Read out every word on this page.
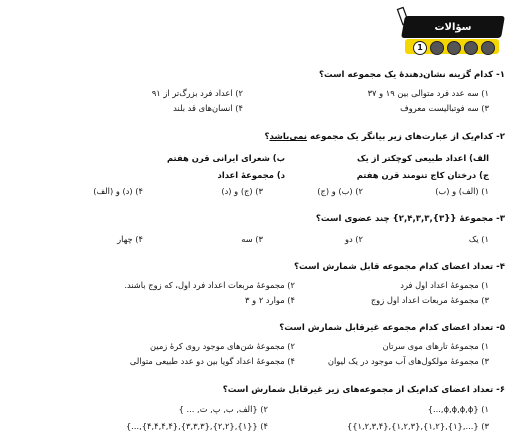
سؤالات
1
۱- کدام گزینه نشان‌دهندهٔ یک مجموعه است؟
۱) سه عدد فرد متوالی بین ۱۹ و ۳۷
۲) اعداد فرد بزرگ‌تر از ۹۱
۳) سه فوتبالیست معروف
۴) انسان‌های قد بلند
۲- کدام‌یک از عبارت‌های زیر بیانگر یک مجموعه نمی‌باشد؟
الف) اعداد طبیعی کوچکتر از یک
ب) شعرای ایرانی قرن هفتم
ج) درختان کاج تنومند قرن هفتم
د) مجموعهٔ اعداد
۱) (الف) و (ب)
۲) (ب) و (ج)
۳) (ج) و (د)
۴) (د) و (الف)
۳- مجموعهٔ {{۳},۲,۴,۳,۳} چند عضوی است؟
۱) یک
۲) دو
۳) سه
۴) چهار
۴- تعداد اعضای کدام مجموعه قابل شمارش است؟
۱) مجموعهٔ اعداد اول فرد
۲) مجموعهٔ مربعات اعداد فرد اول، که زوج باشند.
۳) مجموعهٔ مربعات اعداد اول زوج
۴) موارد ۲ و ۳
۵- تعداد اعضای کدام مجموعه غیرقابل شمارش است؟
۱) مجموعهٔ تارهای موی سرتان
۲) مجموعهٔ شن‌های موجود روی کرهٔ زمین
۳) مجموعهٔ مولکول‌های آب موجود در یک لیوان
۴) مجموعهٔ اعداد گویا بین دو عدد طبیعی متوالی
۶- تعداد اعضای کدام‌یک از مجموعه‌های زیر غیرقابل شمارش است؟
۱) {ϕ,ϕ,ϕ,ϕ,...}
۲) {الف, ب, پ, ت, ... }
۳) {...,{۱},{۱,۲},{۱,۲,۳},{۱,۲,۳,۴}}
۴) {{۱},{۲,۲},{۳,۳,۳},{۴,۴,۴,۴},...}
